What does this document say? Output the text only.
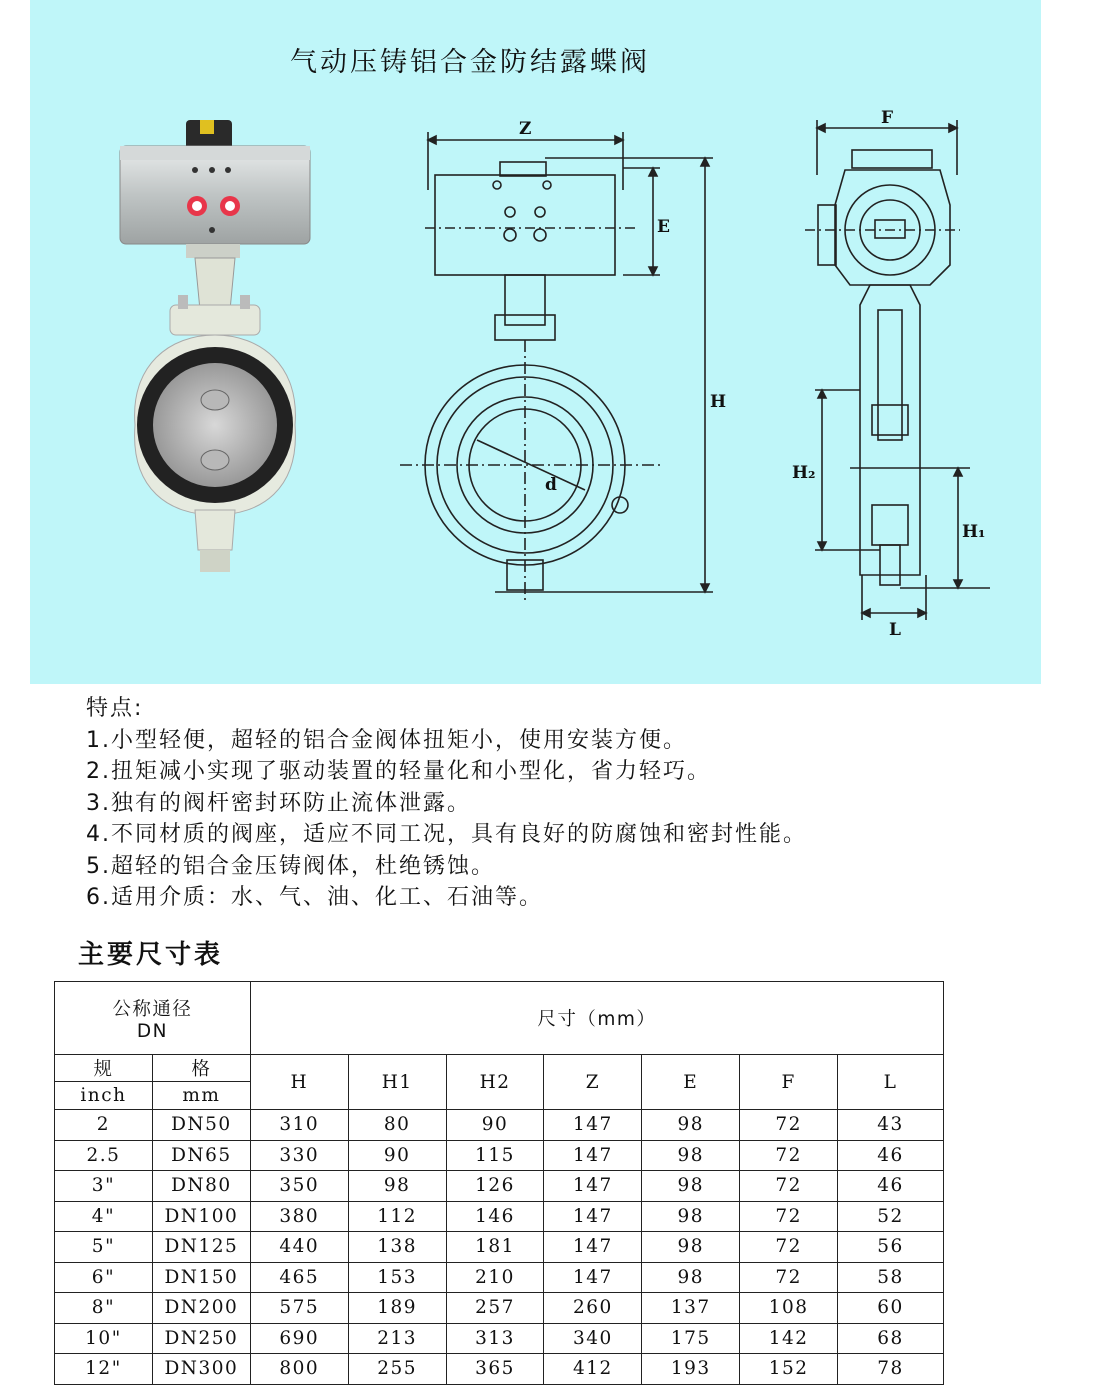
气动压铸铝合金防结露蝶阀
Z
E
d
H
F
H₂
H₁
L
特点:
1.小型轻便，超轻的铝合金阀体扭矩小，使用安装方便。
2.扭矩减小实现了驱动装置的轻量化和小型化，省力轻巧。
3.独有的阀杆密封环防止流体泄露。
4.不同材质的阀座，适应不同工况，具有良好的防腐蚀和密封性能。
5.超轻的铝合金压铸阀体，杜绝锈蚀。
6.适用介质：水、气、油、化工、石油等。
主要尺寸表
公称通径
DN		尺寸（mm）						
规	格	H	H1	H2	Z	E	F	L
inch	mm							
2	DN50	310	80	90	147	98	72	43
2.5	DN65	330	90	115	147	98	72	46
3"	DN80	350	98	126	147	98	72	46
4"	DN100	380	112	146	147	98	72	52
5"	DN125	440	138	181	147	98	72	56
6"	DN150	465	153	210	147	98	72	58
8"	DN200	575	189	257	260	137	108	60
10"	DN250	690	213	313	340	175	142	68
12"	DN300	800	255	365	412	193	152	78
